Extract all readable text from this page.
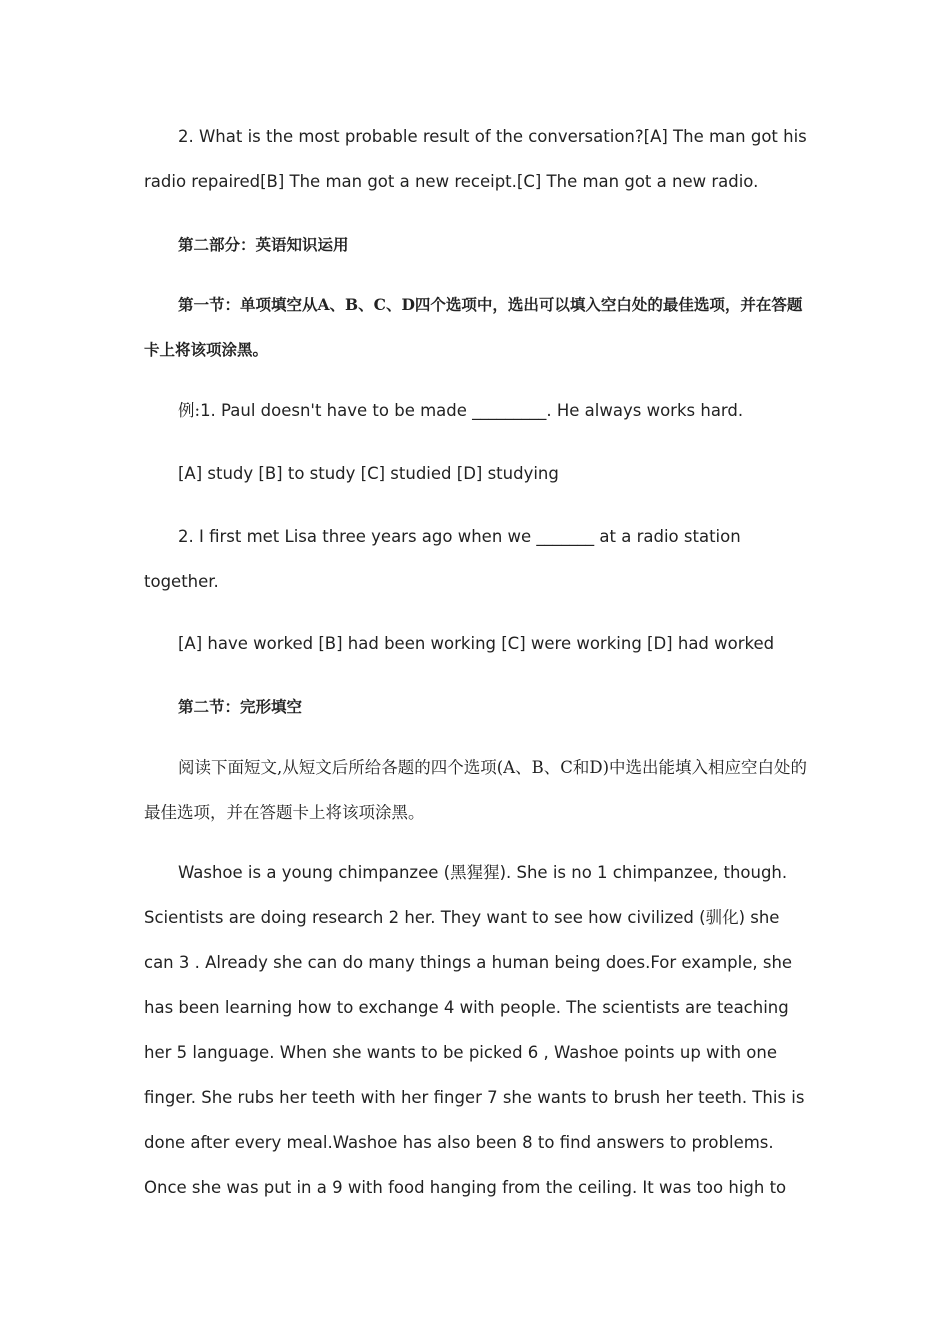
2. What is the most probable result of the conversation?[A] The man got his radio repaired[B] The man got a new receipt.[C] The man got a new radio.

第二部分：英语知识运用

第一节：单项填空从A、B、C、D四个选项中，选出可以填入空白处的最佳选项，并在答题卡上将该项涂黑。

例:1. Paul doesn't have to be made _________. He always works hard.

[A] study [B] to study [C] studied [D] studying

2. I first met Lisa three years ago when we _______ at a radio station together.

[A] have worked [B] had been working [C] were working [D] had worked

第二节：完形填空

阅读下面短文,从短文后所给各题的四个选项(A、B、C和D)中选出能填入相应空白处的最佳选项，并在答题卡上将该项涂黑。

Washoe is a young chimpanzee (黑猩猩). She is no 1 chimpanzee, though. Scientists are doing research 2 her. They want to see how civilized (驯化) she can 3 . Already she can do many things a human being does.For example, she has been learning how to exchange 4 with people. The scientists are teaching her 5 language. When she wants to be picked 6 , Washoe points up with one finger. She rubs her teeth with her finger 7 she wants to brush her teeth. This is done after every meal.Washoe has also been 8 to find answers to problems. Once she was put in a 9 with food hanging from the ceiling. It was too high to
